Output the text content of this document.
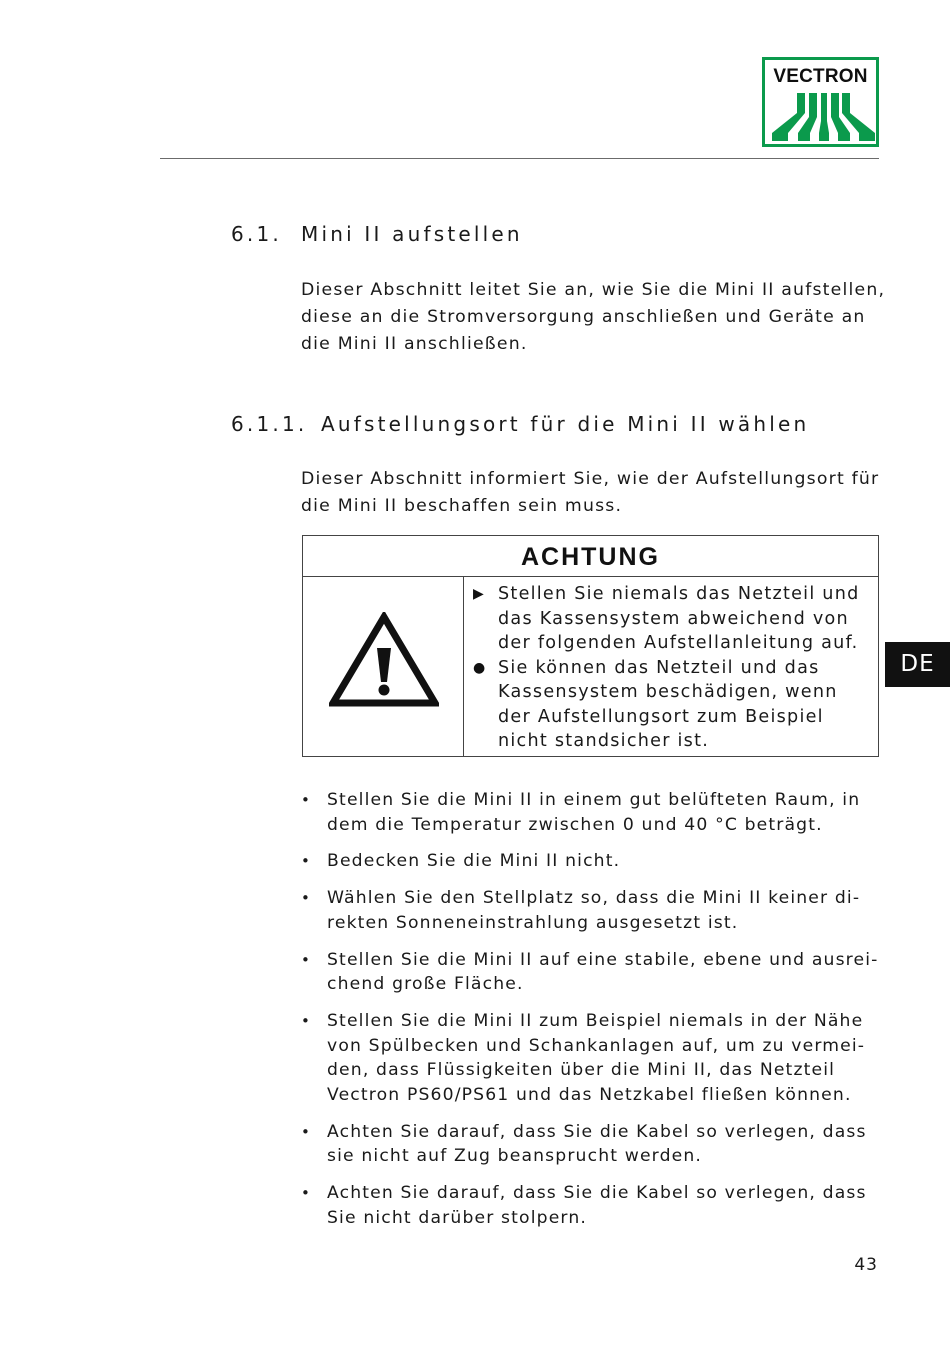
VECTRON
6.1. Mini II aufstellen
Dieser Abschnitt leitet Sie an, wie Sie die Mini II aufstellen,
diese an die Stromversorgung anschließen und Geräte an
die Mini II anschließen.
6.1.1. Aufstellungsort für die Mini II wählen
Dieser Abschnitt informiert Sie, wie der Aufstellungsort für
die Mini II beschaffen sein muss.
ACHTUNG
▶ Stellen Sie niemals das Netzteil und
das Kassensystem abweichend von
der folgenden Aufstellanleitung auf.
● Sie können das Netzteil und das
Kassensystem beschädigen, wenn
der Aufstellungsort zum Beispiel
nicht standsicher ist.
• Stellen Sie die Mini II in einem gut belüfteten Raum, in
dem die Temperatur zwischen 0 und 40 °C beträgt.
• Bedecken Sie die Mini II nicht.
• Wählen Sie den Stellplatz so, dass die Mini II keiner di-
rekten Sonneneinstrahlung ausgesetzt ist.
• Stellen Sie die Mini II auf eine stabile, ebene und ausrei-
chend große Fläche.
• Stellen Sie die Mini II zum Beispiel niemals in der Nähe
von Spülbecken und Schankanlagen auf, um zu vermei-
den, dass Flüssigkeiten über die Mini II, das Netzteil
Vectron PS60/PS61 und das Netzkabel fließen können.
• Achten Sie darauf, dass Sie die Kabel so verlegen, dass
sie nicht auf Zug beansprucht werden.
• Achten Sie darauf, dass Sie die Kabel so verlegen, dass
Sie nicht darüber stolpern.
DE
43
